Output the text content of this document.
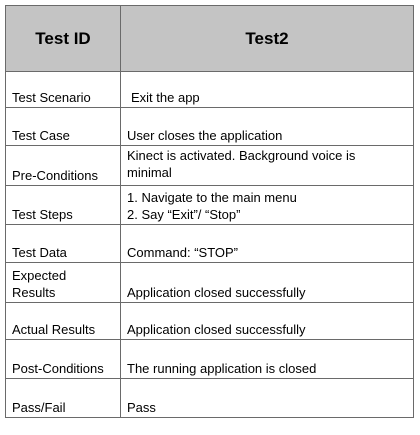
Test ID	Test2
Test Scenario	Exit the app
Test Case	User closes the application
Pre-Conditions	Kinect is activated. Background voice is
minimal

Test Steps	1. Navigate to the main menu
2. Say “Exit”/ “Stop”

Test Data	Command: “STOP”

Expected
Results	Application closed successfully
Actual Results	Application closed successfully
Post-Conditions	The running application is closed
Pass/Fail	Pass
